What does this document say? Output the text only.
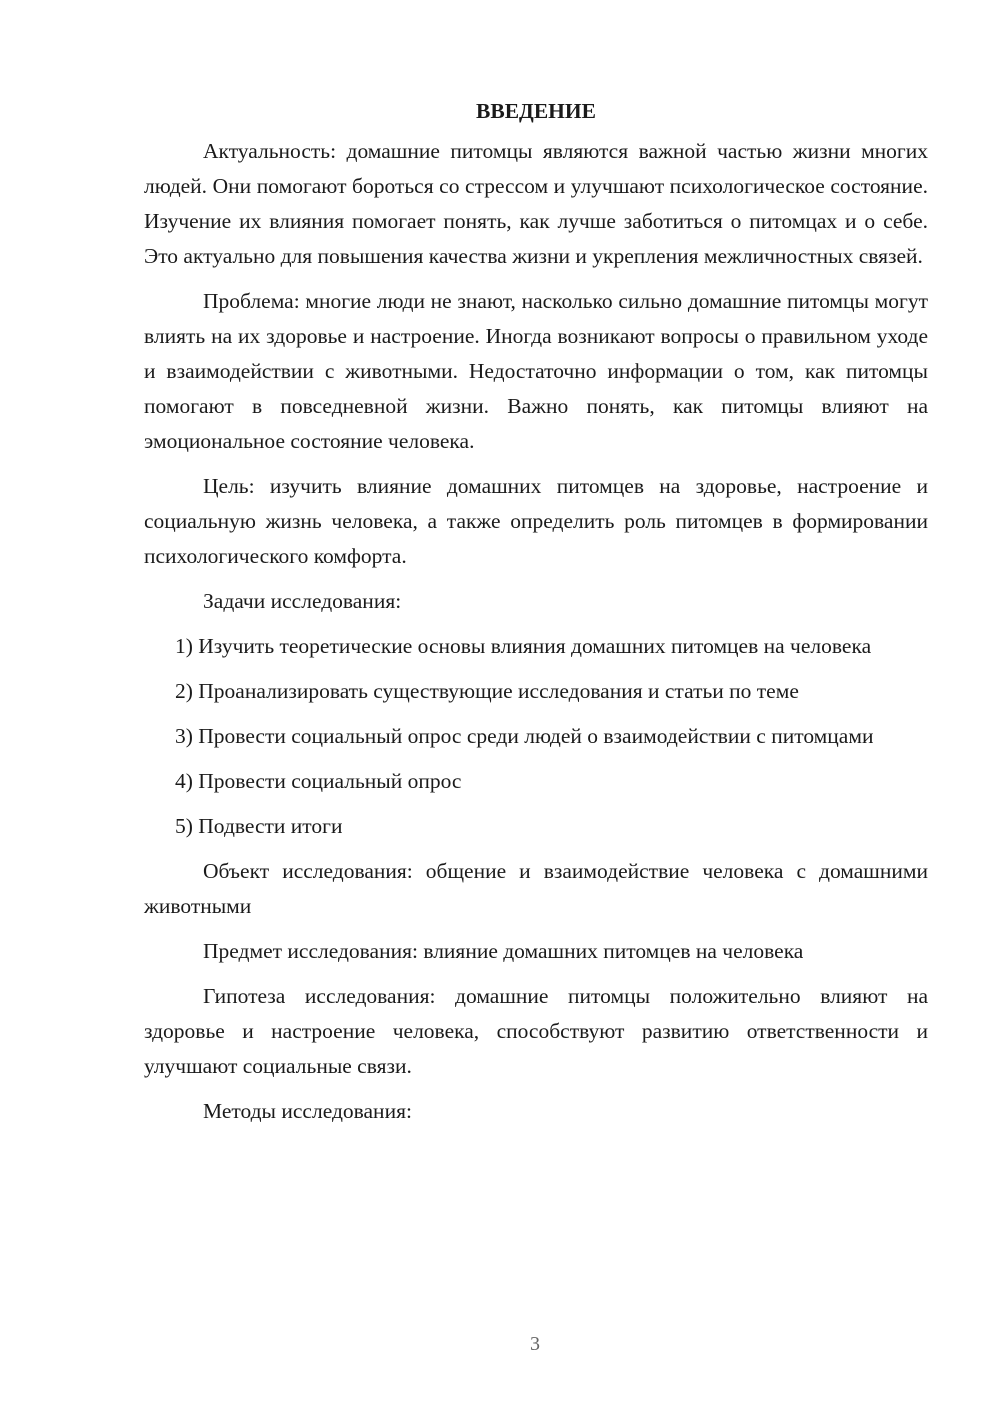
ВВЕДЕНИЕ

Актуальность: домашние питомцы являются важной частью жизни многих людей. Они помогают бороться со стрессом и улучшают психологическое состояние. Изучение их влияния помогает понять, как лучше заботиться о питомцах и о себе. Это актуально для повышения качества жизни и укрепления межличностных связей.

Проблема: многие люди не знают, насколько сильно домашние питомцы могут влиять на их здоровье и настроение. Иногда возникают вопросы о правильном уходе и взаимодействии с животными. Недостаточно информации о том, как питомцы помогают в повседневной жизни. Важно понять, как питомцы влияют на эмоциональное состояние человека.

Цель: изучить влияние домашних питомцев на здоровье, настроение и социальную жизнь человека, а также определить роль питомцев в формировании психологического комфорта.

Задачи исследования:

1) Изучить теоретические основы влияния домашних питомцев на человека

2) Проанализировать существующие исследования и статьи по теме

3) Провести социальный опрос среди людей о взаимодействии с питомцами

4) Провести социальный опрос

5) Подвести итоги

Объект исследования: общение и взаимодействие человека с домашними животными

Предмет исследования: влияние домашних питомцев на человека

Гипотеза исследования: домашние питомцы положительно влияют на здоровье и настроение человека, способствуют развитию ответственности и улучшают социальные связи.

Методы исследования:

3
